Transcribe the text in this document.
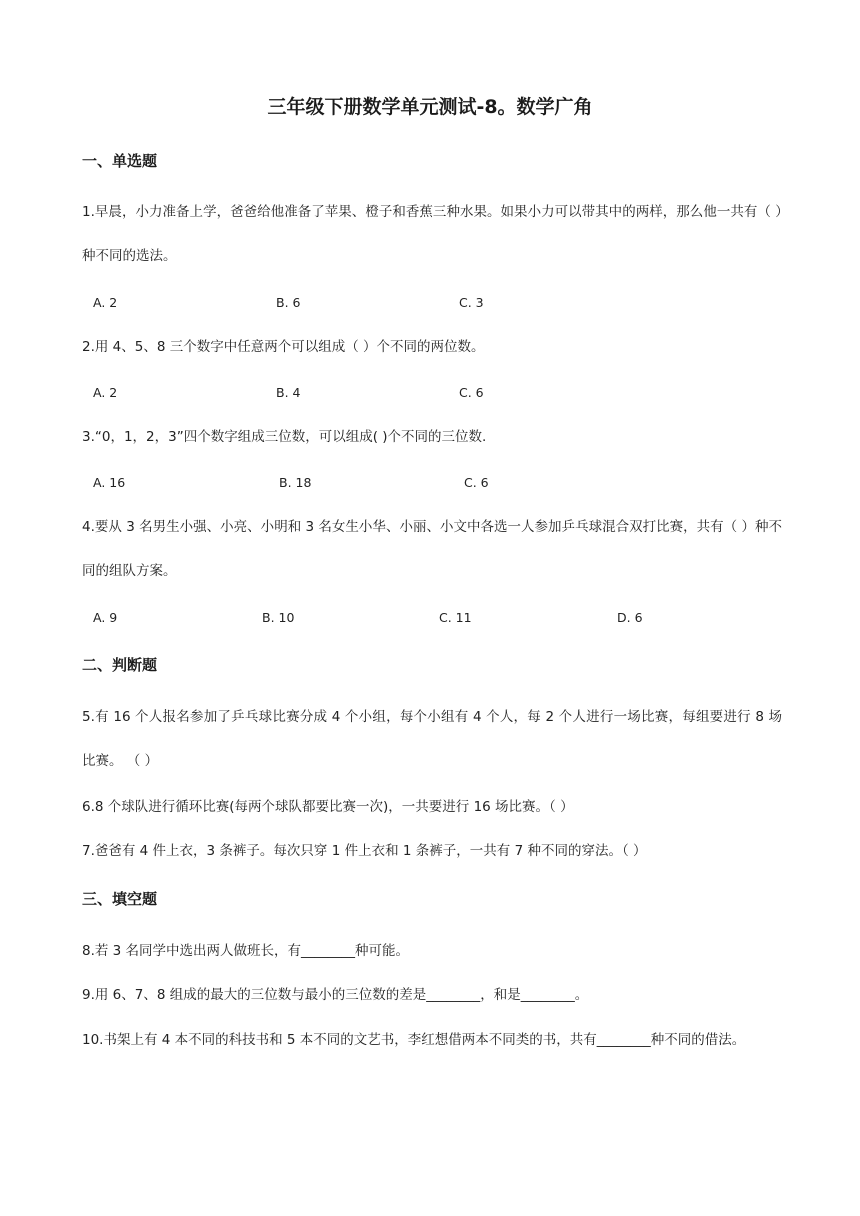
三年级下册数学单元测试-8。数学广角
一、单选题
1.早晨，小力准备上学，爸爸给他准备了苹果、橙子和香蕉三种水果。如果小力可以带其中的两样，那么他一共有（ ）种不同的选法。
A. 2	B. 6	C. 3
2.用 4、5、8 三个数字中任意两个可以组成（ ）个不同的两位数。
A. 2	B. 4	C. 6
3.“0，1，2，3”四个数字组成三位数，可以组成( )个不同的三位数.
A. 16	B. 18	C. 6
4.要从 3 名男生小强、小亮、小明和 3 名女生小华、小丽、小文中各选一人参加乒乓球混合双打比赛，共有（ ）种不同的组队方案。
A. 9	B. 10	C. 11	D. 6
二、判断题
5.有 16 个人报名参加了乒乓球比赛分成 4 个小组，每个小组有 4 个人，每 2 个人进行一场比赛，每组要进行 8 场比赛。 （ ）
6.8 个球队进行循环比赛(每两个球队都要比赛一次)，一共要进行 16 场比赛。（ ）
7.爸爸有 4 件上衣，3 条裤子。每次只穿 1 件上衣和 1 条裤子，一共有 7 种不同的穿法。（ ）
三、填空题
8.若 3 名同学中选出两人做班长，有________种可能。
9.用 6、7、8 组成的最大的三位数与最小的三位数的差是________，和是________。
10.书架上有 4 本不同的科技书和 5 本不同的文艺书，李红想借两本不同类的书，共有________种不同的借法。
